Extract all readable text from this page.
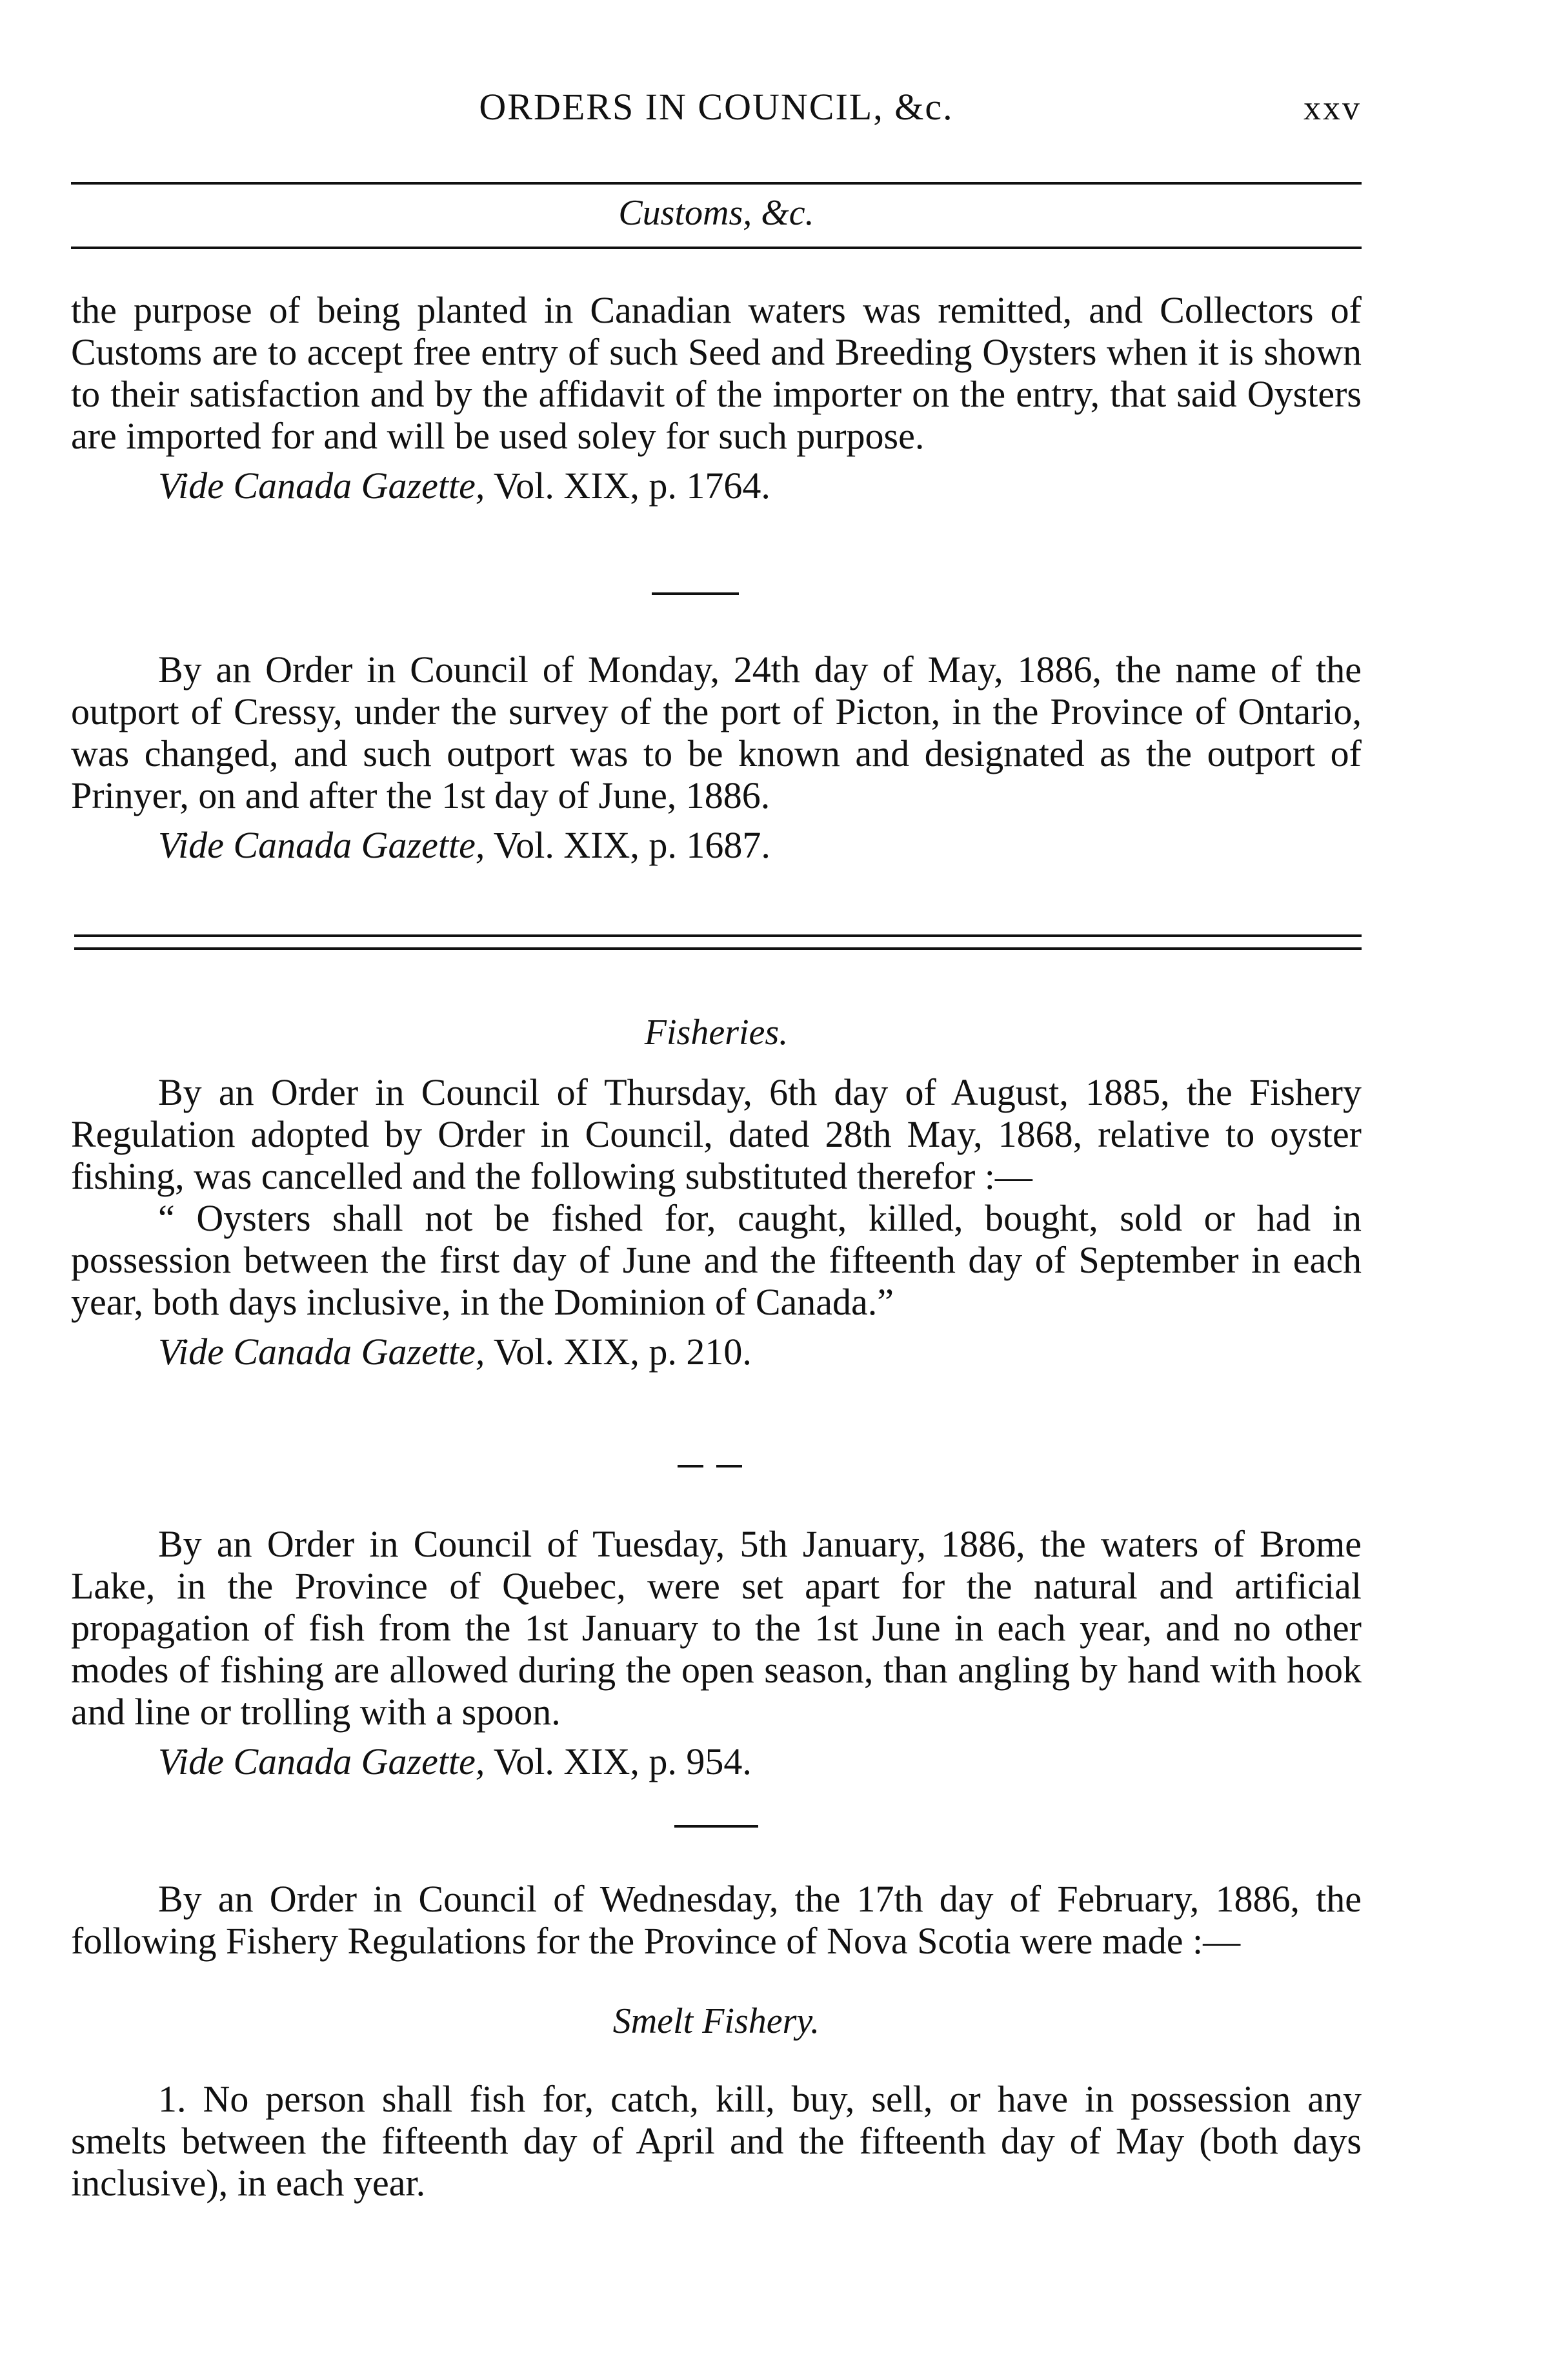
ORDERS IN COUNCIL, &c.	xxv
Customs, &c.

the purpose of being planted in Canadian waters was remitted, and Collectors of Customs are to accept free entry of such Seed and Breeding Oysters when it is shown to their satisfaction and by the affidavit of the importer on the entry, that said Oysters are imported for and will be used soley for such purpose.

Vide Canada Gazette, Vol. XIX, p. 1764.

By an Order in Council of Monday, 24th day of May, 1886, the name of the outport of Cressy, under the survey of the port of Picton, in the Province of Ontario, was changed, and such outport was to be known and designated as the outport of Prinyer, on and after the 1st day of June, 1886.

Vide Canada Gazette, Vol. XIX, p. 1687.
Fisheries.

By an Order in Council of Thursday, 6th day of August, 1885, the Fishery Regulation adopted by Order in Council, dated 28th May, 1868, relative to oyster fishing, was cancelled and the following substituted therefor :—

“ Oysters shall not be fished for, caught, killed, bought, sold or had in possession between the first day of June and the fifteenth day of September in each year, both days inclusive, in the Dominion of Canada.”

Vide Canada Gazette, Vol. XIX, p. 210.

By an Order in Council of Tuesday, 5th January, 1886, the waters of Brome Lake, in the Province of Quebec, were set apart for the natural and artificial propagation of fish from the 1st January to the 1st June in each year, and no other modes of fishing are allowed during the open season, than angling by hand with hook and line or trolling with a spoon.

Vide Canada Gazette, Vol. XIX, p. 954.

By an Order in Council of Wednesday, the 17th day of February, 1886, the following Fishery Regulations for the Province of Nova Scotia were made :—

Smelt Fishery.

1. No person shall fish for, catch, kill, buy, sell, or have in possession any smelts between the fifteenth day of April and the fifteenth day of May (both days inclusive), in each year.
